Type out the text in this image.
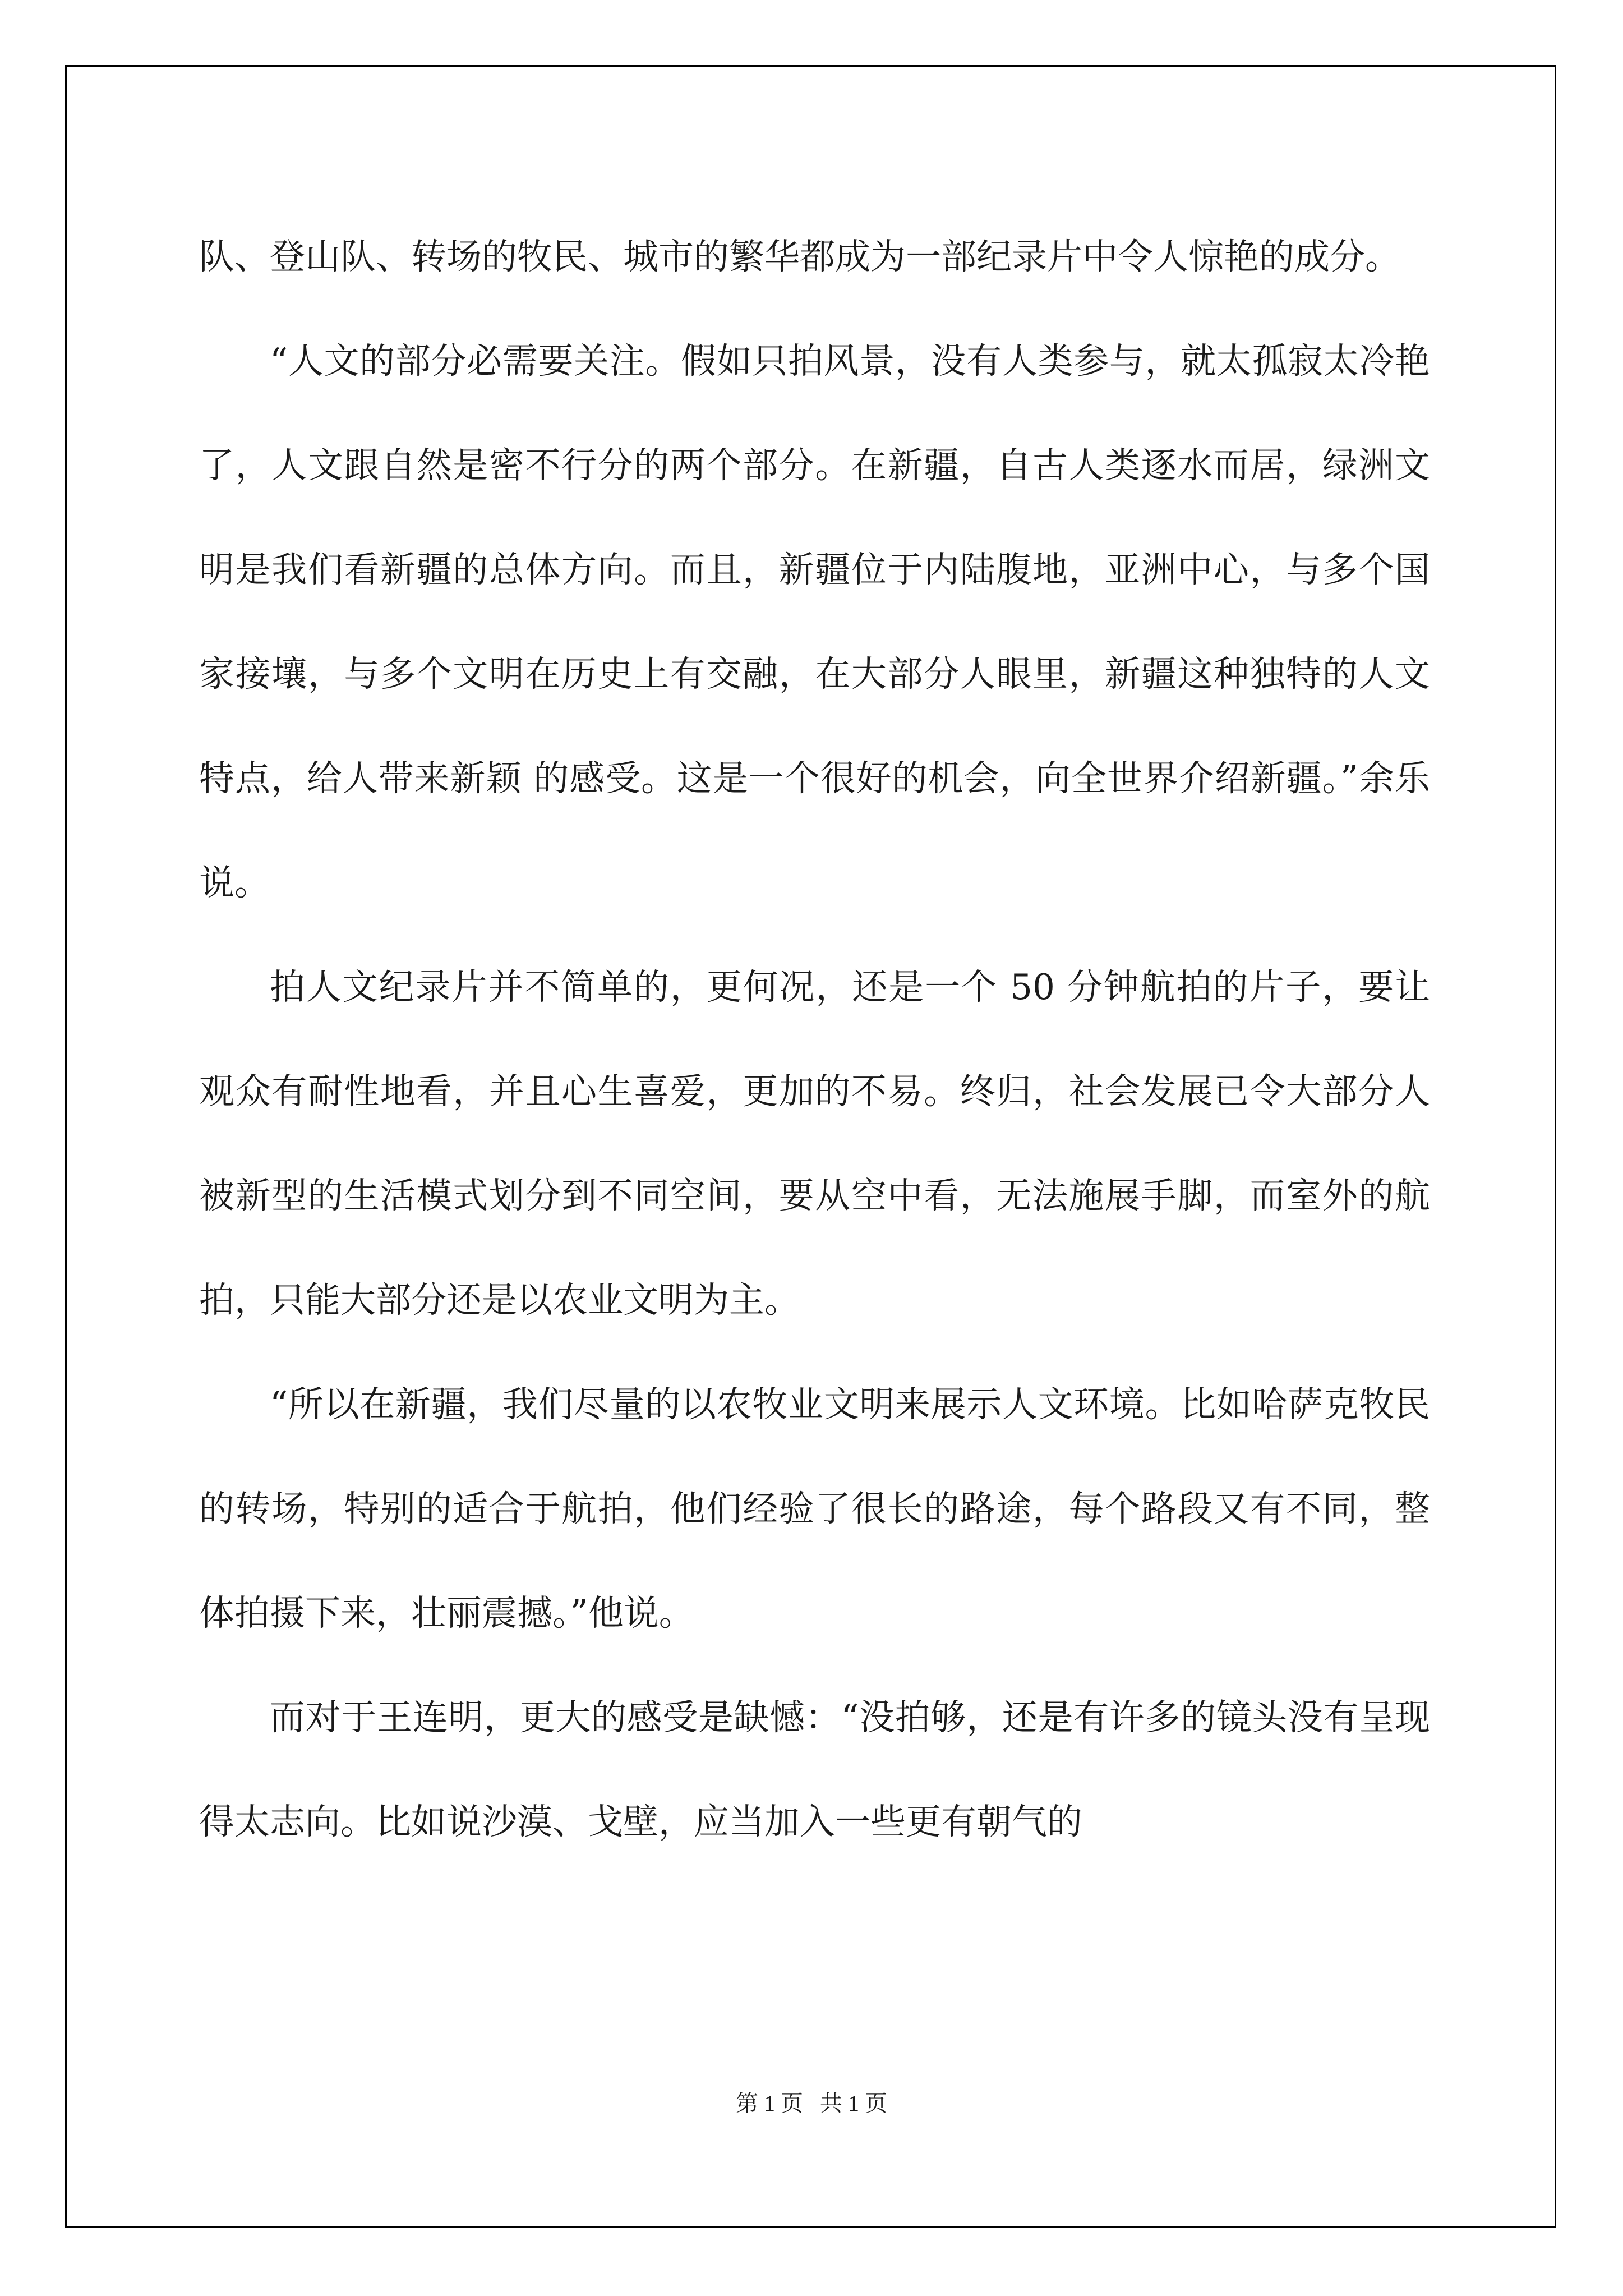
队、登山队、转场的牧民、城市的繁华都成为一部纪录片中令人惊艳的成分。

“人文的部分必需要关注。假如只拍风景，没有人类参与，就太孤寂太冷艳了，人文跟自然是密不行分的两个部分。在新疆，自古人类逐水而居，绿洲文明是我们看新疆的总体方向。而且，新疆位于内陆腹地，亚洲中心，与多个国家接壤，与多个文明在历史上有交融，在大部分人眼里，新疆这种独特的人文特点，给人带来新颖 的感受。这是一个很好的机会，向全世界介绍新疆。”余乐说。

拍人文纪录片并不简单的，更何况，还是一个 50 分钟航拍的片子，要让观众有耐性地看，并且心生喜爱，更加的不易。终归，社会发展已令大部分人被新型的生活模式划分到不同空间，要从空中看，无法施展手脚，而室外的航拍，只能大部分还是以农业文明为主。

“所以在新疆，我们尽量的以农牧业文明来展示人文环境。比如哈萨克牧民的转场，特别的适合于航拍，他们经验了很长的路途，每个路段又有不同，整体拍摄下来，壮丽震撼。”他说。

而对于王连明，更大的感受是缺憾：“没拍够，还是有许多的镜头没有呈现得太志向。比如说沙漠、戈壁，应当加入一些更有朝气的

第 1 页 共 1 页
